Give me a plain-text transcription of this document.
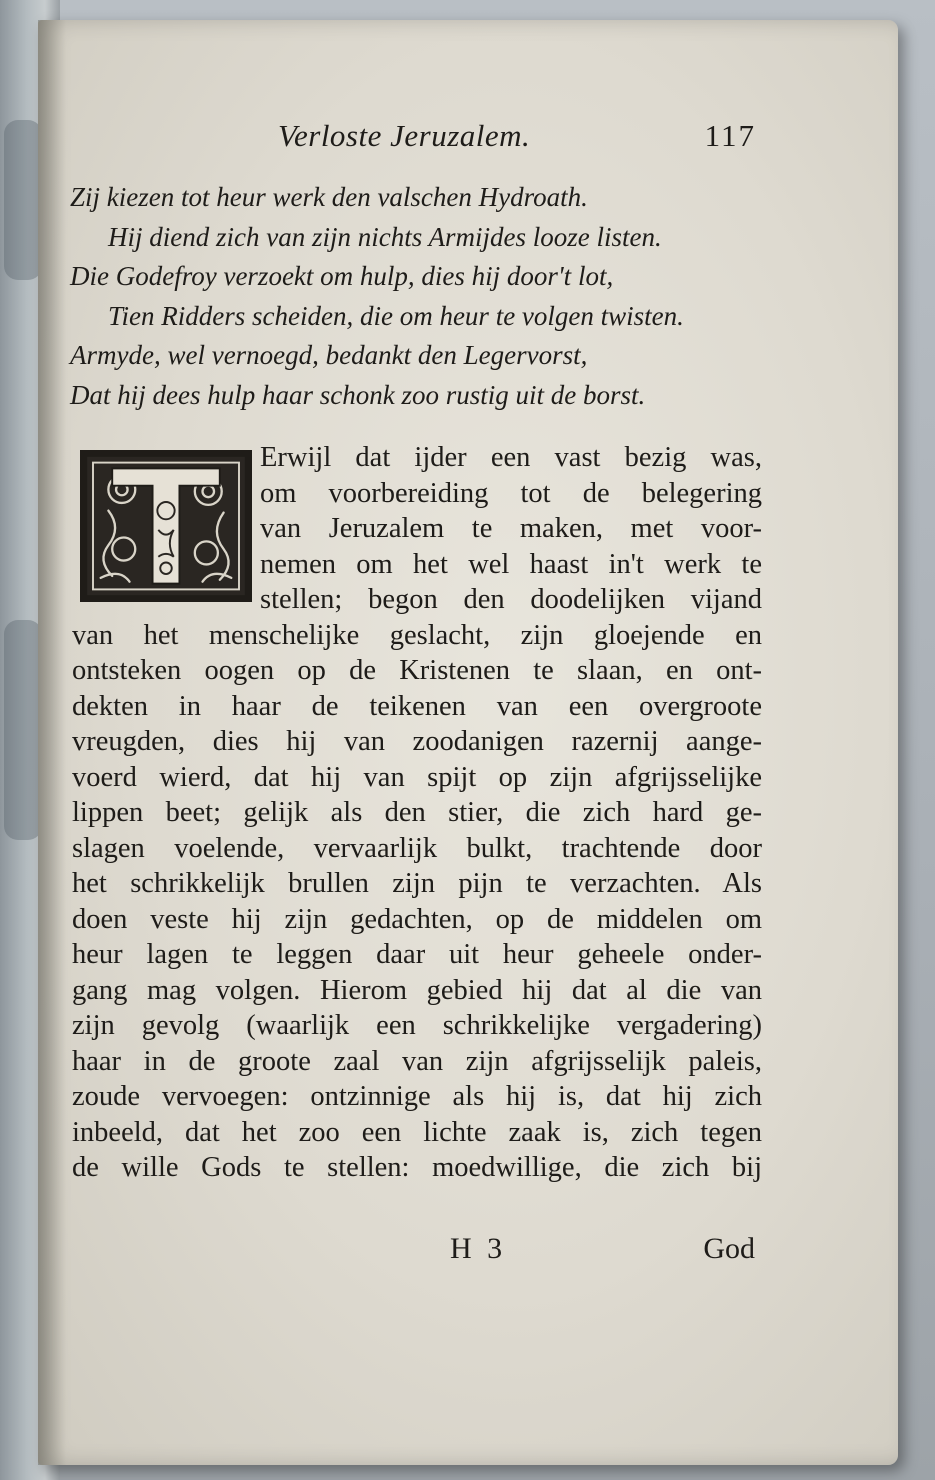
Verloste Jeruzalem.	117
Zij kiezen tot heur werk den valschen Hydroath.
Hij diend zich van zijn nichts Armijdes looze listen.
Die Godefroy verzoekt om hulp, dies hij door't lot,
Tien Ridders scheiden, die om heur te volgen twisten.
Armyde, wel vernoegd, bedankt den Legervorst,
Dat hij dees hulp haar schonk zoo rustig uit de borst.
Erwijl dat ijder een vast bezig was,
om voorbereiding tot de belegering
van Jeruzalem te maken, met voor-
nemen om het wel haast in't werk te
stellen; begon den doodelijken vijand
van het menschelijke geslacht, zijn gloejende en
ontsteken oogen op de Kristenen te slaan, en ont-
dekten in haar de teikenen van een overgroote
vreugden, dies hij van zoodanigen razernij aange-
voerd wierd, dat hij van spijt op zijn afgrijsselijke
lippen beet; gelijk als den stier, die zich hard ge-
slagen voelende, vervaarlijk bulkt, trachtende door
het schrikkelijk brullen zijn pijn te verzachten. Als
doen veste hij zijn gedachten, op de middelen om
heur lagen te leggen daar uit heur geheele onder-
gang mag volgen. Hierom gebied hij dat al die van
zijn gevolg (waarlijk een schrikkelijke vergadering)
haar in de groote zaal van zijn afgrijsselijk paleis,
zoude vervoegen: ontzinnige als hij is, dat hij zich
inbeeld, dat het zoo een lichte zaak is, zich tegen
de wille Gods te stellen: moedwillige, die zich bij
H 3	God
